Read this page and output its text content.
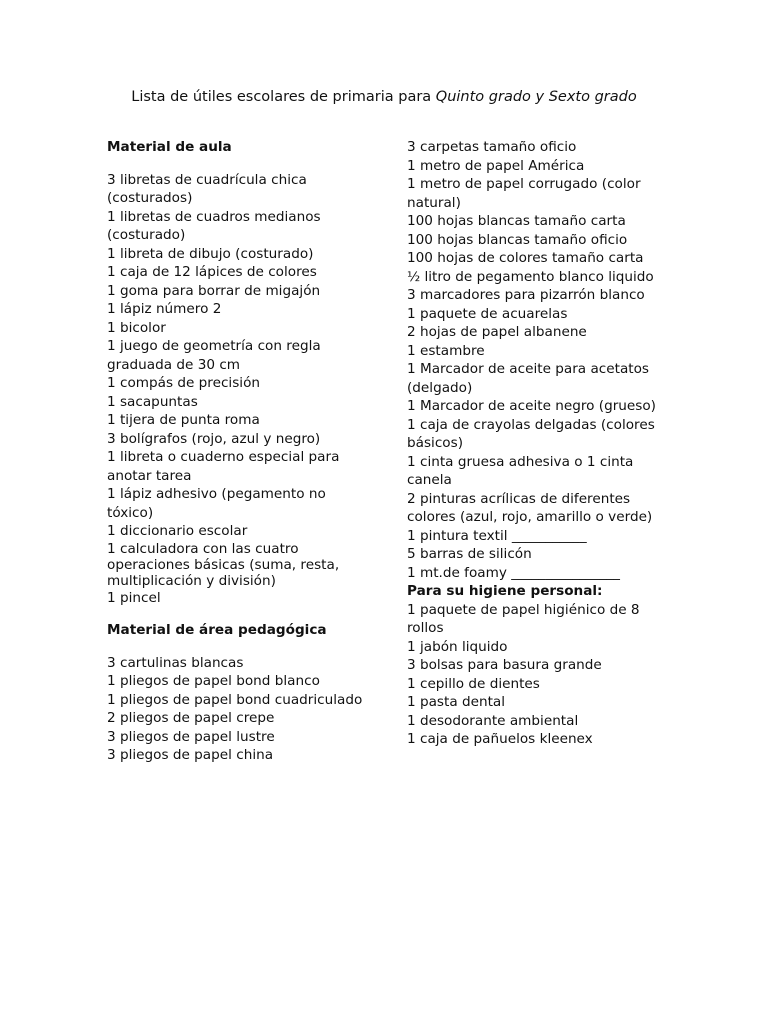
Lista de útiles escolares de primaria para Quinto grado y Sexto grado
Material de aula
3 libretas de cuadrícula chica (costurados)
1 libretas de cuadros medianos (costurado)
1 libreta de dibujo (costurado)
1 caja de 12 lápices de colores
1 goma para borrar de migajón
1 lápiz número 2
1 bicolor
1 juego de geometría con regla graduada de 30 cm
1 compás de precisión
1 sacapuntas
1 tijera de punta roma
3 bolígrafos (rojo, azul y negro)
1 libreta o cuaderno especial para anotar tarea
1 lápiz adhesivo (pegamento no tóxico)
1 diccionario escolar
1 calculadora con las cuatro operaciones básicas (suma, resta, multiplicación y división)
1 pincel
Material de área pedagógica
3 cartulinas blancas
1 pliegos de papel bond blanco
1 pliegos de papel bond cuadriculado
2 pliegos de papel crepe
3 pliegos de papel lustre
3 pliegos de papel china
3 carpetas tamaño oficio
1 metro de papel América
1 metro de papel corrugado (color natural)
100 hojas blancas tamaño carta
100 hojas blancas tamaño oficio
100 hojas de colores tamaño carta
½ litro de pegamento blanco liquido
3 marcadores para pizarrón blanco
1 paquete de acuarelas
2 hojas de papel albanene
1 estambre
1 Marcador de aceite para acetatos (delgado)
1 Marcador de aceite negro (grueso)
1 caja de crayolas delgadas (colores básicos)
1 cinta gruesa adhesiva o 1 cinta canela
2 pinturas acrílicas de diferentes colores (azul, rojo, amarillo o verde)
1 pintura textil ___________
5 barras de silicón
1 mt.de foamy ________________
Para su higiene personal:
1 paquete de papel higiénico de 8 rollos
1 jabón liquido
3 bolsas para basura grande
1 cepillo de dientes
1 pasta dental
1 desodorante ambiental
1 caja de pañuelos kleenex
